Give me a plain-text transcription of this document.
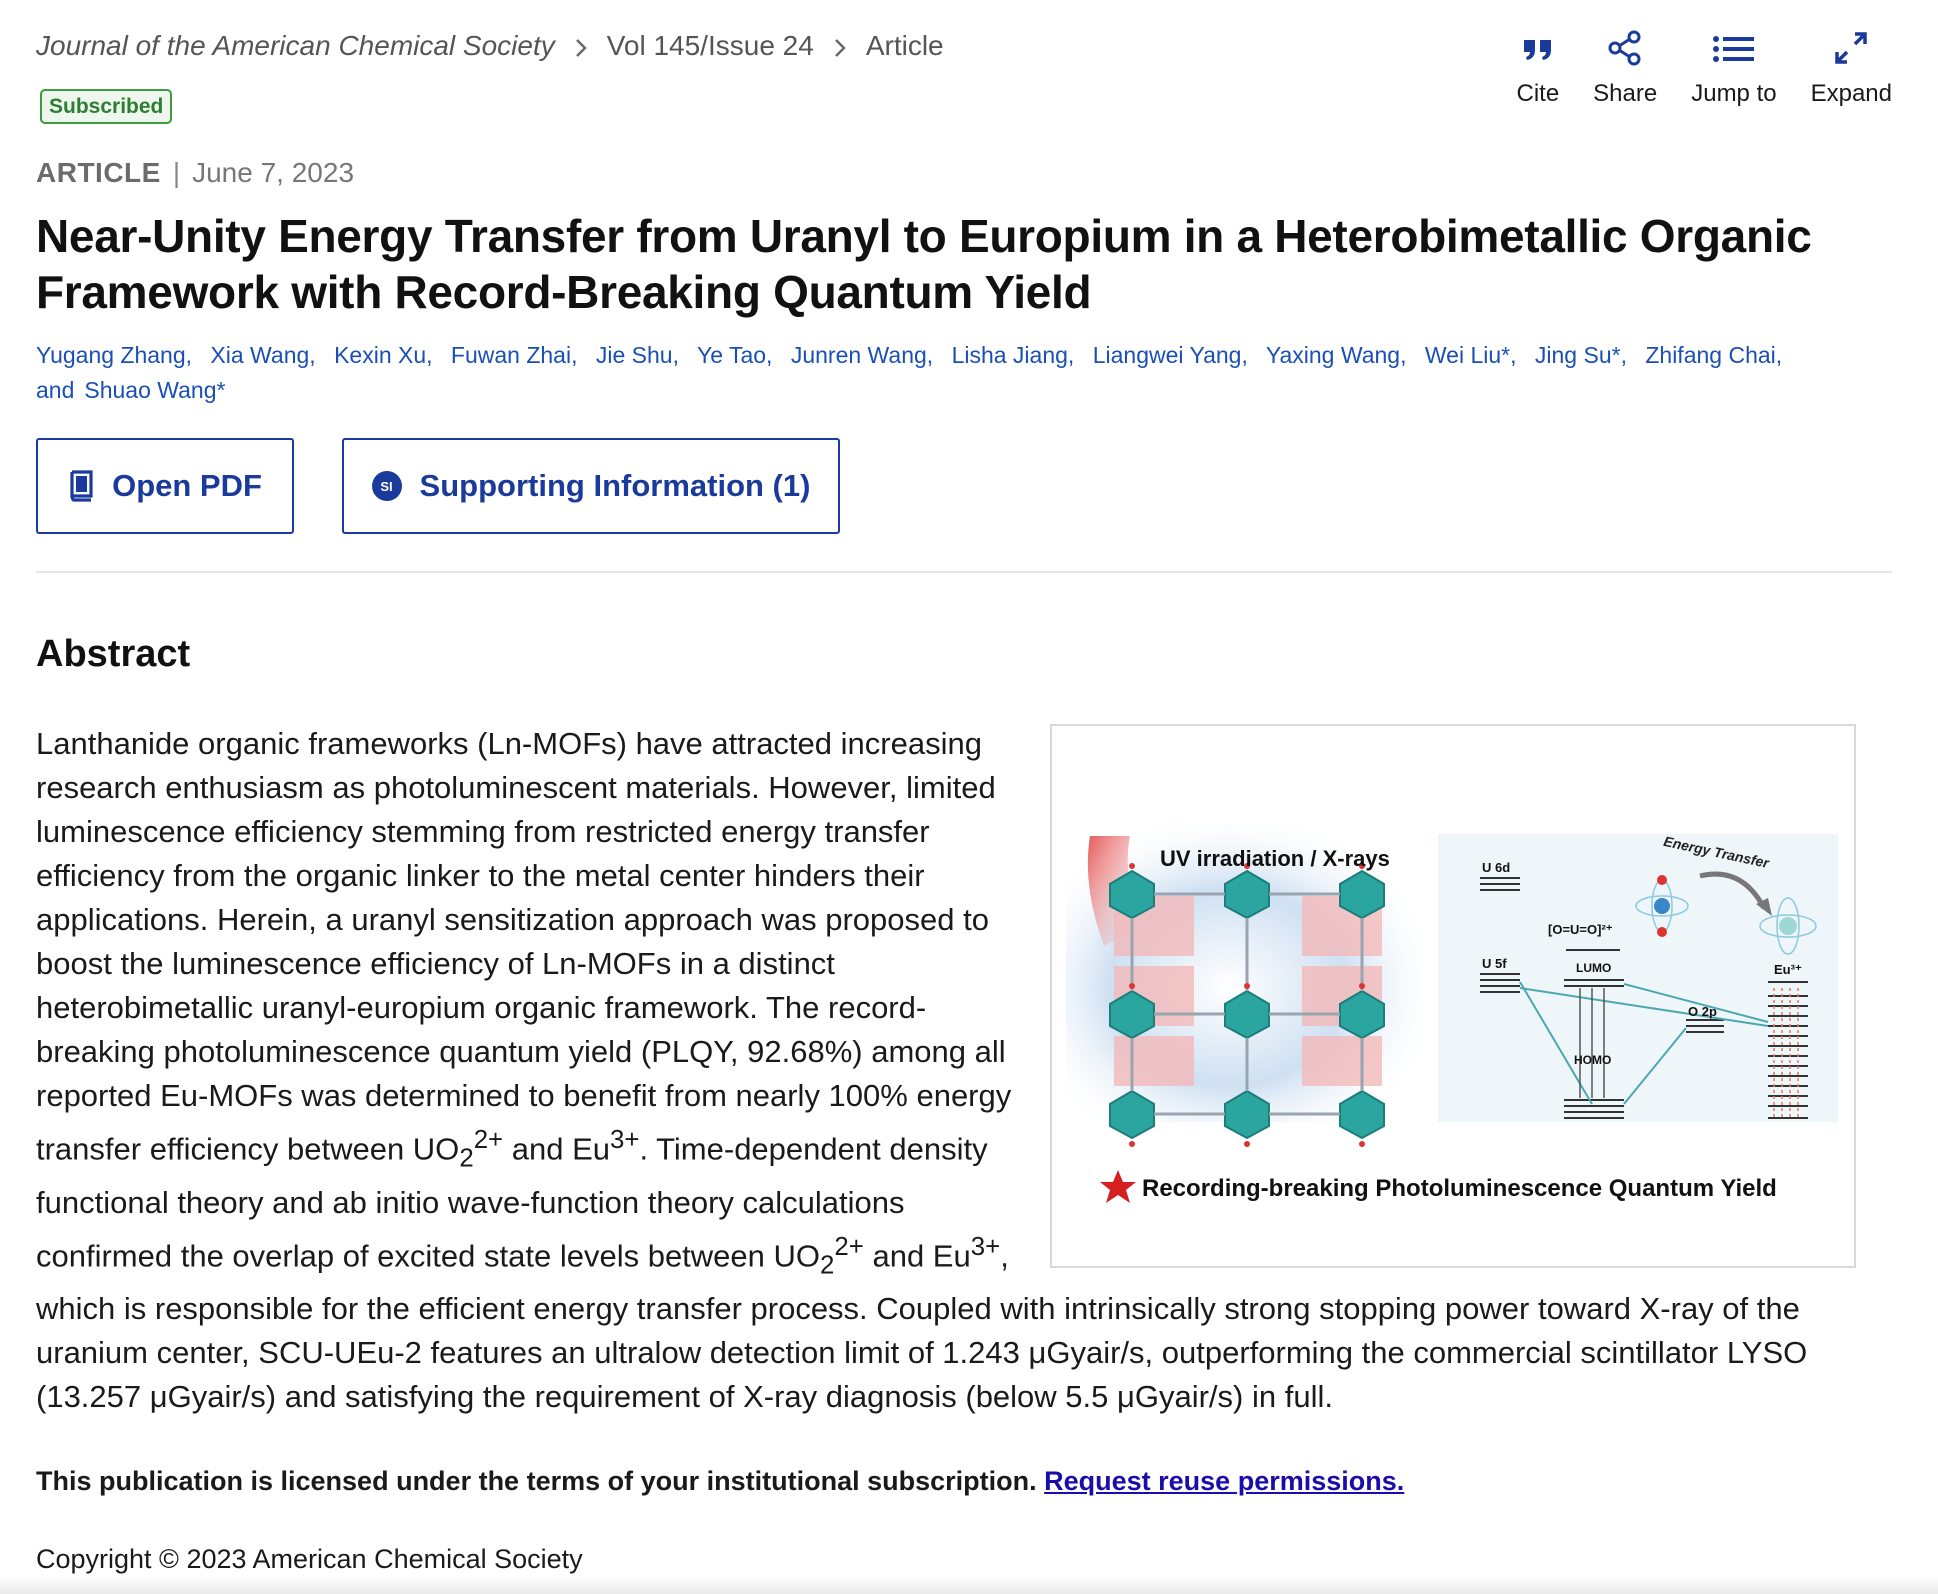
Journal of the American Chemical Society Vol 145/Issue 24 Article
Subscribed	Cite Share Jump to Expand
ARTICLE | June 7, 2023
Near-Unity Energy Transfer from Uranyl to Europium in a Heterobimetallic Organic Framework with Record-Breaking Quantum Yield
Yugang Zhang, Xia Wang, Kexin Xu, Fuwan Zhai, Jie Shu, Ye Tao, Junren Wang, Lisha Jiang, Liangwei Yang, Yaxing Wang, Wei Liu*, Jing Su*, Zhifang Chai, and Shuao Wang*
Open PDF	SI Supporting Information (1)
Abstract
UV irradiation / X-rays	Energy Transfer
U 6d
U 5f
[O=U=O]²⁺
LUMO
HOMO
O 2p
Eu³⁺
Recording-breaking Photoluminescence Quantum Yield

Lanthanide organic frameworks (Ln-MOFs) have attracted increasing research enthusiasm as photoluminescent materials. However, limited luminescence efficiency stemming from restricted energy transfer efficiency from the organic linker to the metal center hinders their applications. Herein, a uranyl sensitization approach was proposed to boost the luminescence efficiency of Ln-MOFs in a distinct heterobimetallic uranyl-europium organic framework. The record-breaking photoluminescence quantum yield (PLQY, 92.68%) among all reported Eu-MOFs was determined to benefit from nearly 100% energy transfer efficiency between $UO_2^{2+}$ and $Eu^{3+}$. Time-dependent density functional theory and ab initio wave-function theory calculations confirmed the overlap of excited state levels between $UO_2^{2+}$ and $Eu^{3+}$, which is responsible for the efficient energy transfer process. Coupled with intrinsically strong stopping power toward X-ray of the uranium center, SCU-UEu-2 features an ultralow detection limit of 1.243 μGyair/s, outperforming the commercial scintillator LYSO (13.257 μGyair/s) and satisfying the requirement of X-ray diagnosis (below 5.5 μGyair/s) in full.

This publication is licensed under the terms of your institutional subscription. Request reuse permissions.
Copyright © 2023 American Chemical Society
